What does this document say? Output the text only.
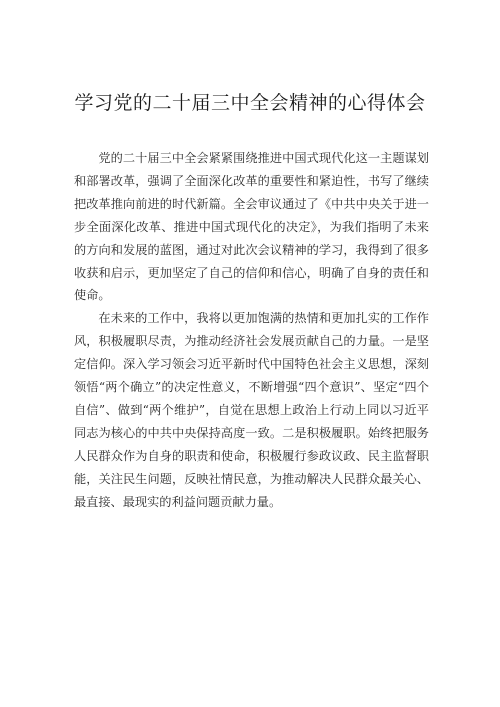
学习党的二十届三中全会精神的心得体会

党的二十届三中全会紧紧围绕推进中国式现代化这一主题谋划和部署改革，强调了全面深化改革的重要性和紧迫性，书写了继续把改革推向前进的时代新篇。全会审议通过了《中共中央关于进一步全面深化改革、推进中国式现代化的决定》，为我们指明了未来的方向和发展的蓝图，通过对此次会议精神的学习，我得到了很多收获和启示，更加坚定了自己的信仰和信心，明确了自身的责任和使命。

在未来的工作中，我将以更加饱满的热情和更加扎实的工作作风，积极履职尽责，为推动经济社会发展贡献自己的力量。一是坚定信仰。深入学习领会习近平新时代中国特色社会主义思想，深刻领悟“两个确立”的决定性意义，不断增强“四个意识”、坚定“四个自信”、做到“两个维护”，自觉在思想上政治上行动上同以习近平同志为核心的中共中央保持高度一致。二是积极履职。始终把服务人民群众作为自身的职责和使命，积极履行参政议政、民主监督职能，关注民生问题，反映社情民意，为推动解决人民群众最关心、最直接、最现实的利益问题贡献力量。
